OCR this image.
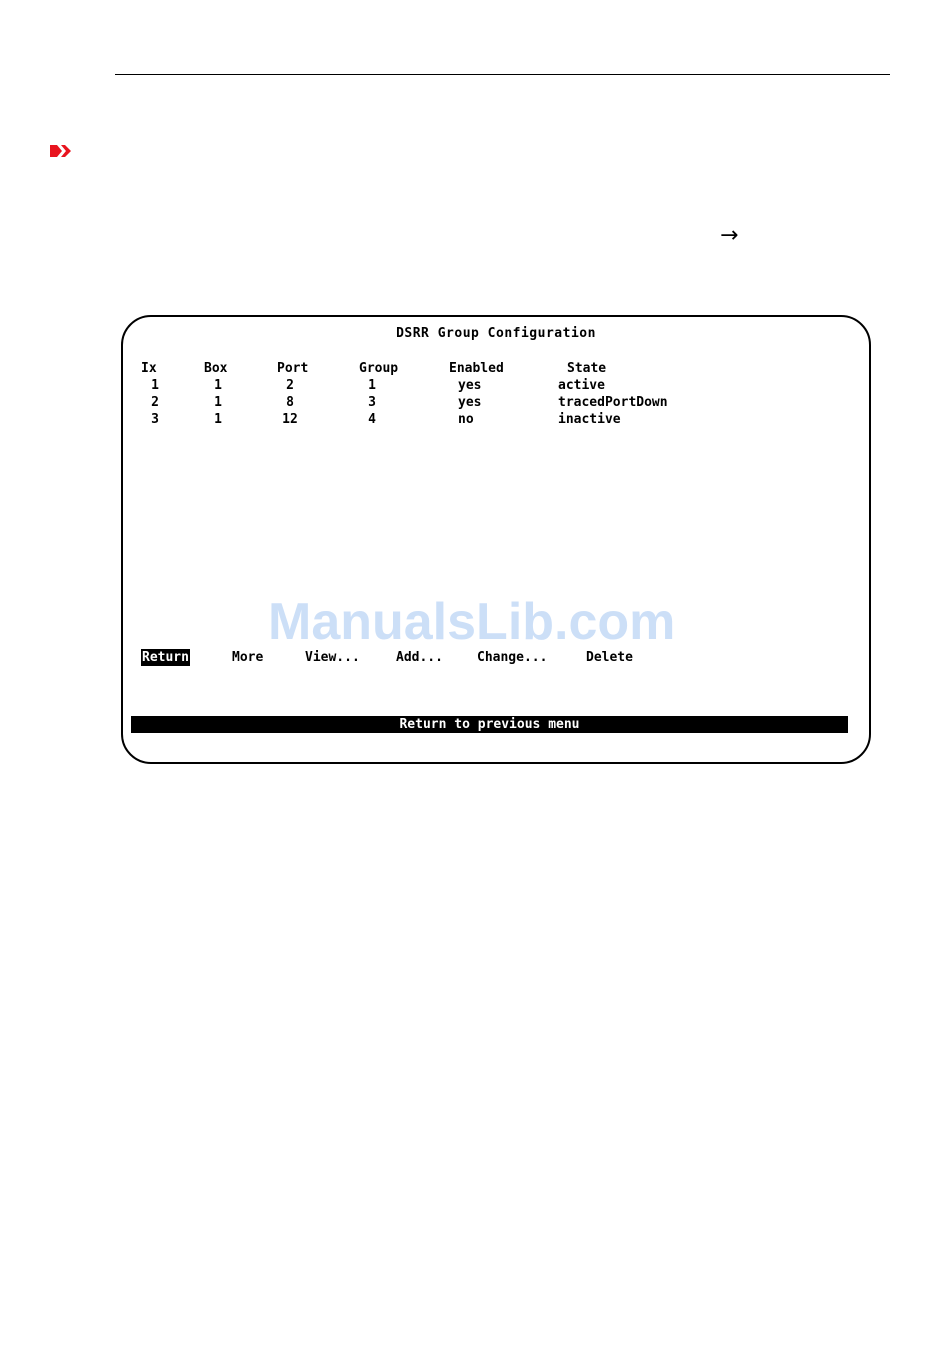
→
DSRR Group Configuration
Ix	Box	Port	Group	Enabled	State
1	1	2	1	yes	active
2	1	8	3	yes	tracedPortDown
3	1	12	4	no	inactive
ManualsLib.com
Return	More	View...	Add...	Change...	Delete
Return to previous menu
